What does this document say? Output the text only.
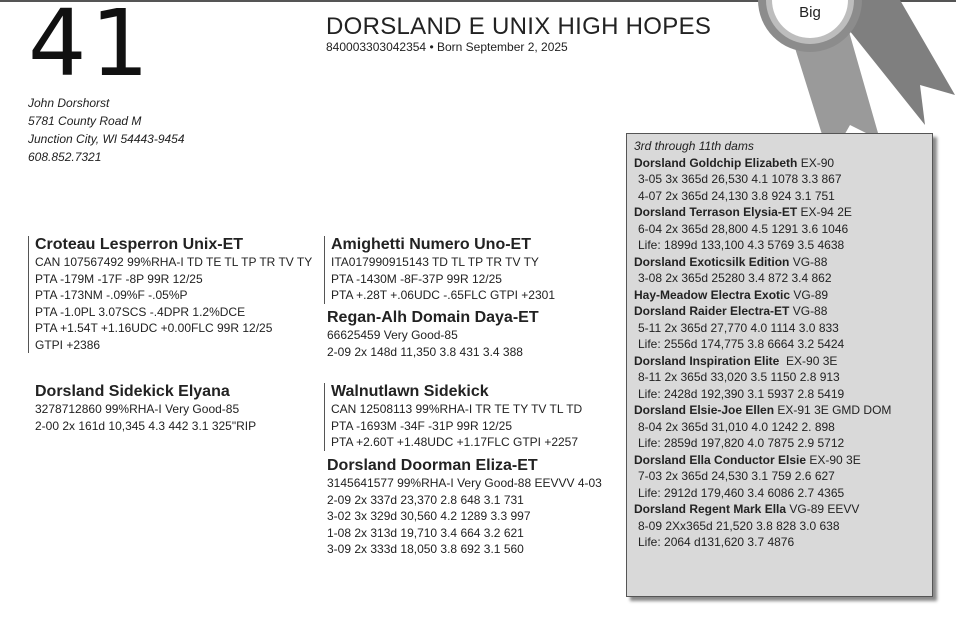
41
John Dorshorst
5781 County Road M
Junction City, WI 54443-9454
608.852.7321
DORSLAND E UNIX HIGH HOPES
840003303042354 • Born September 2, 2025
Big
Croteau Lesperron Unix-ET
CAN 107567492 99%RHA-I TD TE TL TP TR TV TY
PTA -179M -17F -8P 99R 12/25
PTA -173NM -.09%F -.05%P
PTA -1.0PL 3.07SCS -.4DPR 1.2%DCE
PTA +1.54T +1.16UDC +0.00FLC 99R 12/25
GTPI +2386
Dorsland Sidekick Elyana
3278712860 99%RHA-I Very Good-85
2-00 2x 161d 10,345 4.3 442 3.1 325"RIP
Amighetti Numero Uno-ET
ITA017990915143 TD TL TP TR TV TY
PTA -1430M -8F-37P 99R 12/25
PTA +.28T +.06UDC -.65FLC GTPI +2301
Regan-Alh Domain Daya-ET
66625459 Very Good-85
2-09 2x 148d 11,350 3.8 431 3.4 388
Walnutlawn Sidekick
CAN 12508113 99%RHA-I TR TE TY TV TL TD
PTA -1693M -34F -31P 99R 12/25
PTA +2.60T +1.48UDC +1.17FLC GTPI +2257
Dorsland Doorman Eliza-ET
3145641577 99%RHA-I Very Good-88 EEVVV 4-03
2-09 2x 337d 23,370 2.8 648 3.1 731
3-02 3x 329d 30,560 4.2 1289 3.3 997
1-08 2x 313d 19,710 3.4 664 3.2 621
3-09 2x 333d 18,050 3.8 692 3.1 560
3rd through 11th dams
Dorsland Goldchip Elizabeth EX-90
3-05 3x 365d 26,530 4.1 1078 3.3 867
4-07 2x 365d 24,130 3.8 924 3.1 751
Dorsland Terrason Elysia-ET EX-94 2E
6-04 2x 365d 28,800 4.5 1291 3.6 1046
Life: 1899d 133,100 4.3 5769 3.5 4638
Dorsland Exoticsilk Edition VG-88
3-08 2x 365d 25280 3.4 872 3.4 862
Hay-Meadow Electra Exotic VG-89
Dorsland Raider Electra-ET VG-88
5-11 2x 365d 27,770 4.0 1114 3.0 833
Life: 2556d 174,775 3.8 6664 3.2 5424
Dorsland Inspiration Elite  EX-90 3E
8-11 2x 365d 33,020 3.5 1150 2.8 913
Life: 2428d 192,390 3.1 5937 2.8 5419
Dorsland Elsie-Joe Ellen EX-91 3E GMD DOM
8-04 2x 365d 31,010 4.0 1242 2. 898
Life: 2859d 197,820 4.0 7875 2.9 5712
Dorsland Ella Conductor Elsie EX-90 3E
7-03 2x 365d 24,530 3.1 759 2.6 627
Life: 2912d 179,460 3.4 6086 2.7 4365
Dorsland Regent Mark Ella VG-89 EEVV
8-09 2Xx365d 21,520 3.8 828 3.0 638
Life: 2064 d131,620 3.7 4876
